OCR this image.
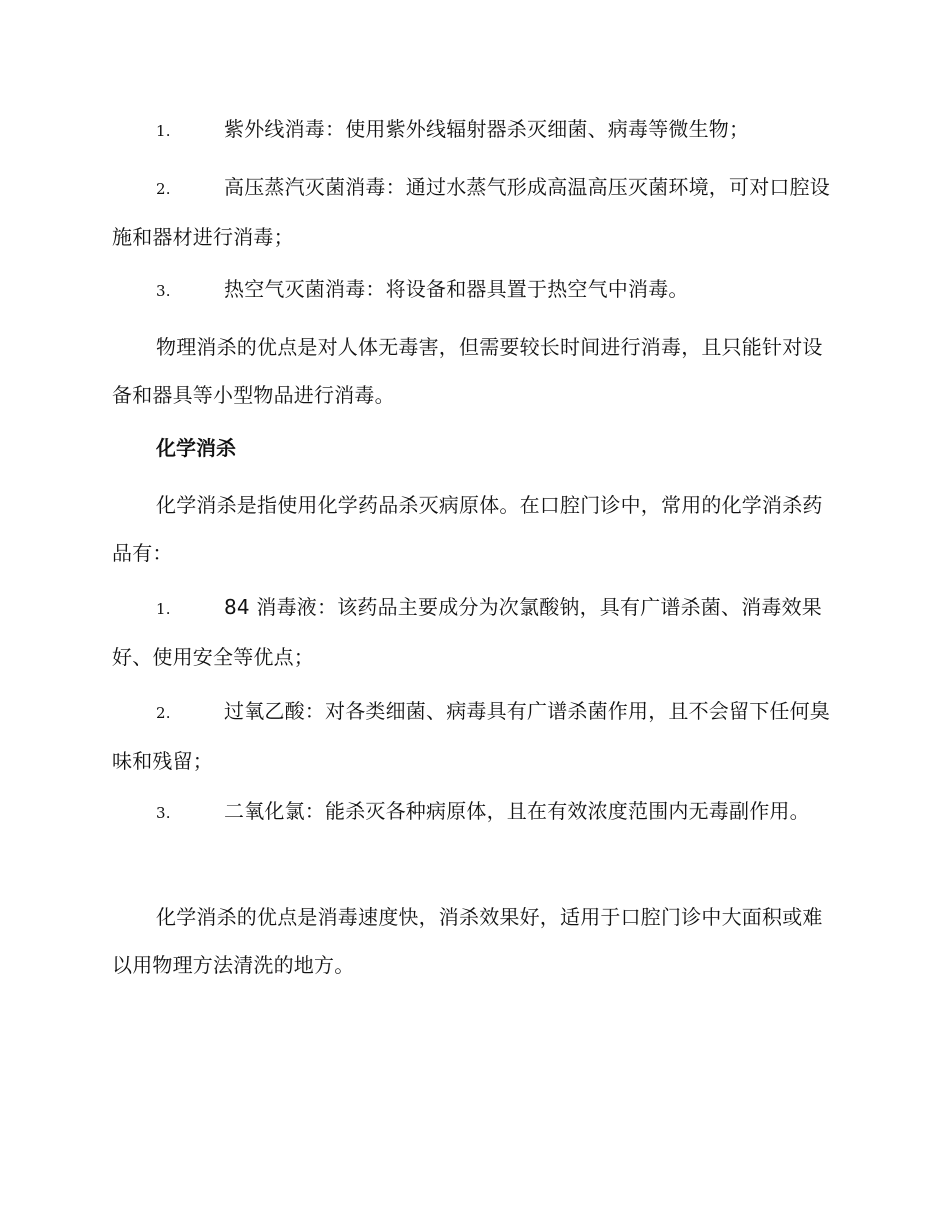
1.	紫外线消毒：使用紫外线辐射器杀灭细菌、病毒等微生物；
2.	高压蒸汽灭菌消毒：通过水蒸气形成高温高压灭菌环境，可对口腔设施和器材进行消毒；
3.	热空气灭菌消毒：将设备和器具置于热空气中消毒。
物理消杀的优点是对人体无毒害，但需要较长时间进行消毒，且只能针对设备和器具等小型物品进行消毒。
化学消杀
化学消杀是指使用化学药品杀灭病原体。在口腔门诊中，常用的化学消杀药品有：
1.	84 消毒液：该药品主要成分为次氯酸钠，具有广谱杀菌、消毒效果好、使用安全等优点；
2.	过氧乙酸：对各类细菌、病毒具有广谱杀菌作用，且不会留下任何臭味和残留；
3.	二氧化氯：能杀灭各种病原体，且在有效浓度范围内无毒副作用。
化学消杀的优点是消毒速度快，消杀效果好，适用于口腔门诊中大面积或难以用物理方法清洗的地方。
